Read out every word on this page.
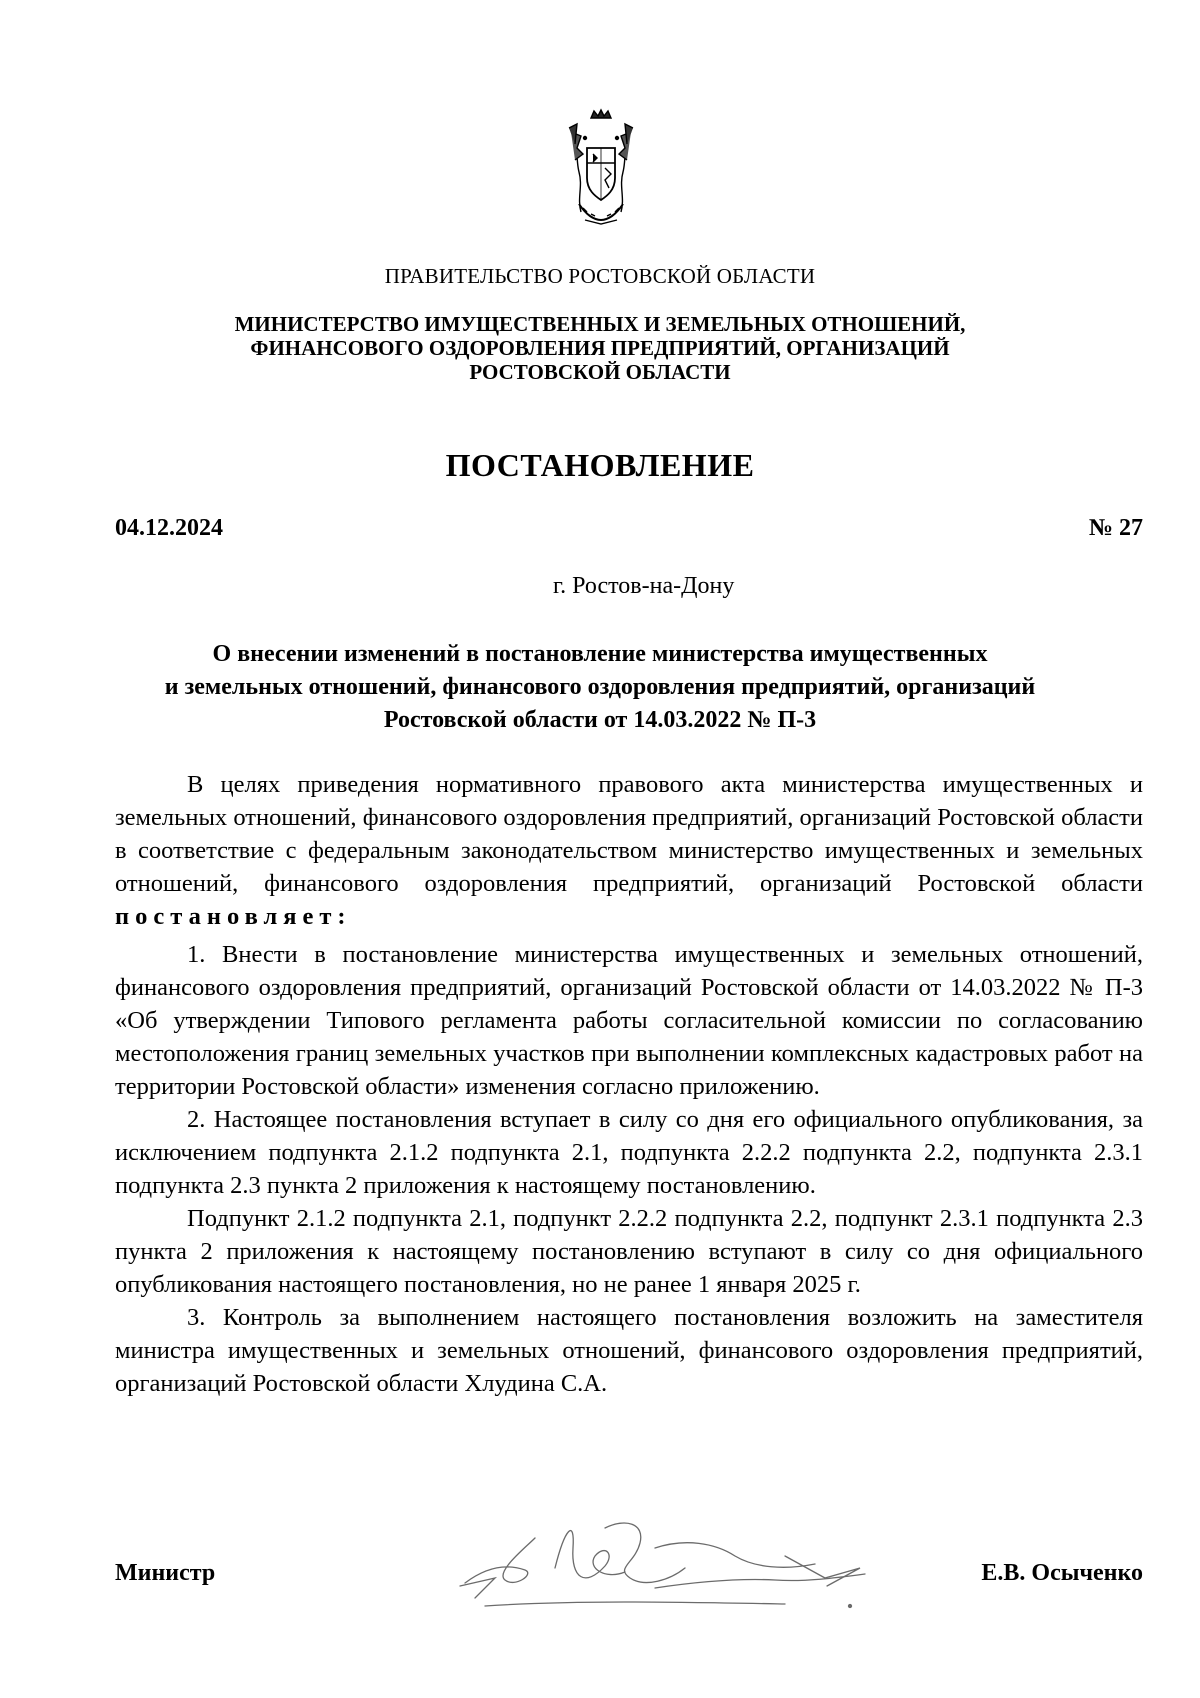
ПРАВИТЕЛЬСТВО РОСТОВСКОЙ ОБЛАСТИ
МИНИСТЕРСТВО ИМУЩЕСТВЕННЫХ И ЗЕМЕЛЬНЫХ ОТНОШЕНИЙ,
ФИНАНСОВОГО ОЗДОРОВЛЕНИЯ ПРЕДПРИЯТИЙ, ОРГАНИЗАЦИЙ
РОСТОВСКОЙ ОБЛАСТИ
ПОСТАНОВЛЕНИЕ
04.12.2024	№ 27
г. Ростов-на-Дону
О внесении изменений в постановление министерства имущественных
и земельных отношений, финансового оздоровления предприятий, организаций
Ростовской области от 14.03.2022 № П-3

В целях приведения нормативного правового акта министерства имущественных и земельных отношений, финансового оздоровления предприятий, организаций Ростовской области в соответствие с федеральным законодательством министерство имущественных и земельных отношений, финансового оздоровления предприятий, организаций Ростовской области постановляет:

1. Внести в постановление министерства имущественных и земельных отношений, финансового оздоровления предприятий, организаций Ростовской области от 14.03.2022 № П-3 «Об утверждении Типового регламента работы согласительной комиссии по согласованию местоположения границ земельных участков при выполнении комплексных кадастровых работ на территории Ростовской области» изменения согласно приложению.

2. Настоящее постановления вступает в силу со дня его официального опубликования, за исключением подпункта 2.1.2 подпункта 2.1, подпункта 2.2.2 подпункта 2.2, подпункта 2.3.1 подпункта 2.3 пункта 2 приложения к настоящему постановлению.

Подпункт 2.1.2 подпункта 2.1, подпункт 2.2.2 подпункта 2.2, подпункт 2.3.1 подпункта 2.3 пункта 2 приложения к настоящему постановлению вступают в силу со дня официального опубликования настоящего постановления, но не ранее 1 января 2025 г.

3. Контроль за выполнением настоящего постановления возложить на заместителя министра имущественных и земельных отношений, финансового оздоровления предприятий, организаций Ростовской области Хлудина С.А.

Министр	Е.В. Осыченко
